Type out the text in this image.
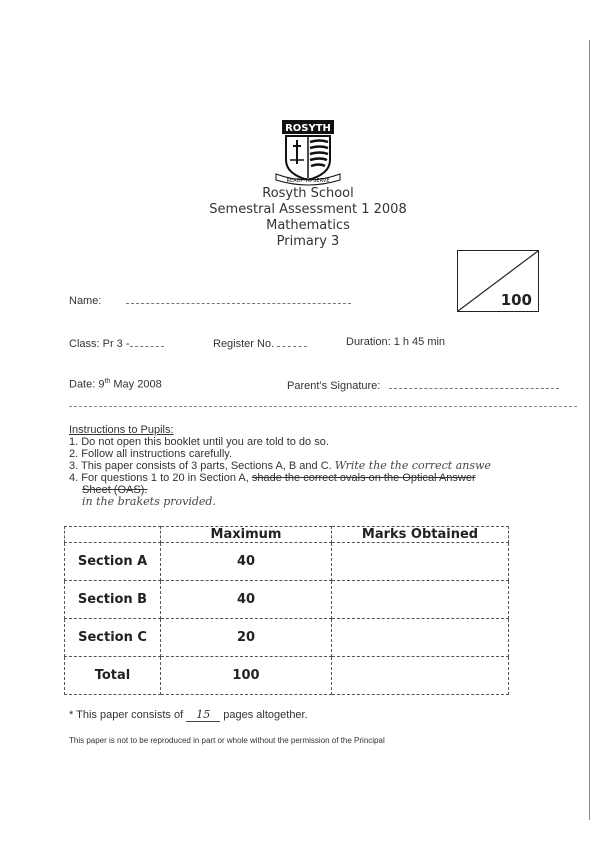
ROSYTH
READY TO SERVE
Rosyth School
Semestral Assessment 1 2008
Mathematics
Primary 3
100
Name:
Class: Pr 3 -	Register No.	Duration: 1 h 45 min
Date: 9th May 2008	Parent’s Signature:
Instructions to Pupils:
1. Do not open this booklet until you are told to do so.
2. Follow all instructions carefully.
3. This paper consists of 3 parts, Sections A, B and C. Write the the correct answe
4. For questions 1 to 20 in Section A, shade the correct ovals on the Optical Answer
Sheet (OAS).
in the brakets provided.
	Maximum	Marks Obtained
Section A	40	
Section B	40	
Section C	20	
Total	100	
* This paper consists of 15 pages altogether.
This paper is not to be reproduced in part or whole without the permission of the Principal
